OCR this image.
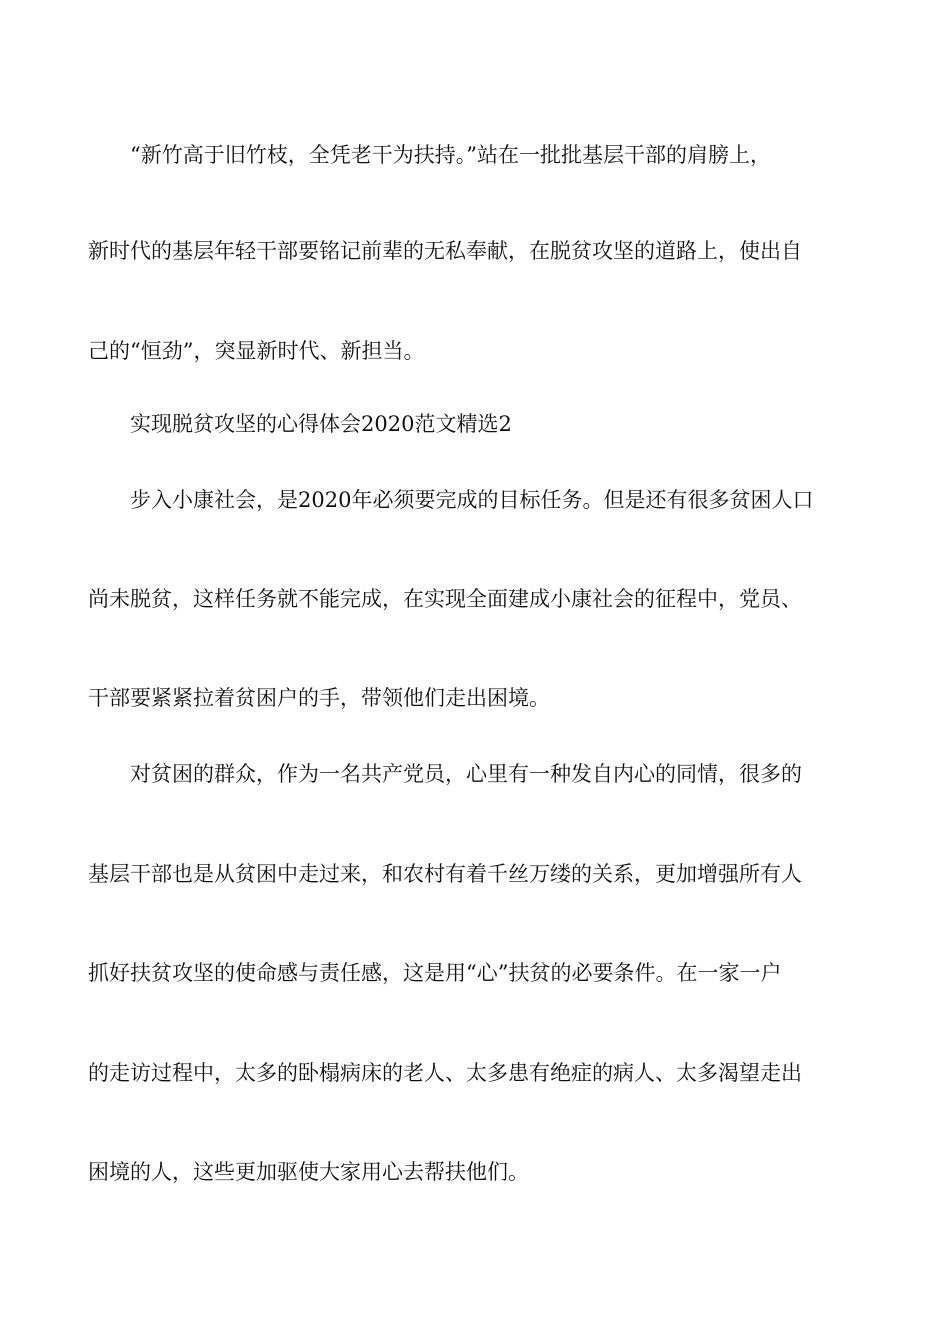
“新竹高于旧竹枝，全凭老干为扶持。”站在一批批基层干部的肩膀上，
新时代的基层年轻干部要铭记前辈的无私奉献，在脱贫攻坚的道路上，使出自
己的“恒劲”，突显新时代、新担当。
实现脱贫攻坚的心得体会2020范文精选2
步入小康社会，是2020年必须要完成的目标任务。但是还有很多贫困人口
尚未脱贫，这样任务就不能完成，在实现全面建成小康社会的征程中，党员、
干部要紧紧拉着贫困户的手，带领他们走出困境。
对贫困的群众，作为一名共产党员，心里有一种发自内心的同情，很多的
基层干部也是从贫困中走过来，和农村有着千丝万缕的关系，更加增强所有人
抓好扶贫攻坚的使命感与责任感，这是用“心”扶贫的必要条件。在一家一户
的走访过程中，太多的卧榻病床的老人、太多患有绝症的病人、太多渴望走出
困境的人，这些更加驱使大家用心去帮扶他们。
